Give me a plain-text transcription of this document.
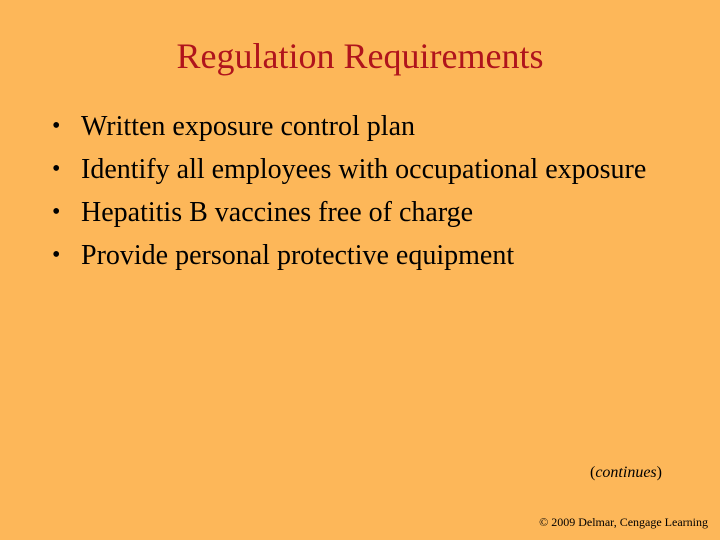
Regulation Requirements
• Written exposure control plan
• Identify all employees with occupational exposure
• Hepatitis B vaccines free of charge
• Provide personal protective equipment
(continues)
© 2009 Delmar, Cengage Learning
